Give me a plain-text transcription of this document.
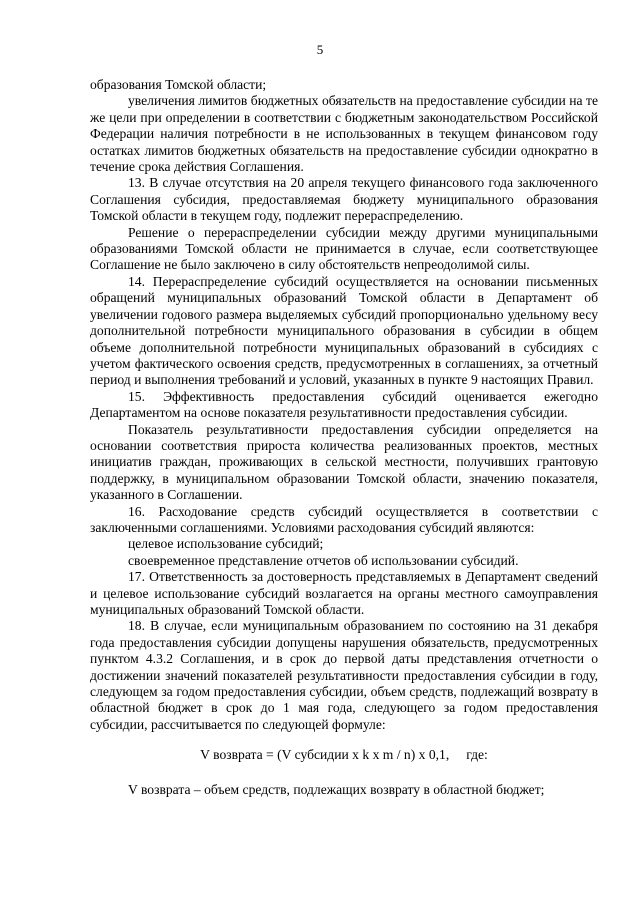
5

образования Томской области;

увеличения лимитов бюджетных обязательств на предоставление субсидии на те же цели при определении в соответствии с бюджетным законодательством Российской Федерации наличия потребности в не использованных в текущем финансовом году остатках лимитов бюджетных обязательств на предоставление субсидии однократно в течение срока действия Соглашения.

13. В случае отсутствия на 20 апреля текущего финансового года заключенного Соглашения субсидия, предоставляемая бюджету муниципального образования Томской области в текущем году, подлежит перераспределению.

Решение о перераспределении субсидии между другими муниципальными образованиями Томской области не принимается в случае, если соответствующее Соглашение не было заключено в силу обстоятельств непреодолимой силы.

14. Перераспределение субсидий осуществляется на основании письменных обращений муниципальных образований Томской области в Департамент об увеличении годового размера выделяемых субсидий пропорционально удельному весу дополнительной потребности муниципального образования в субсидии в общем объеме дополнительной потребности муниципальных образований в субсидиях с учетом фактического освоения средств, предусмотренных в соглашениях, за отчетный период и выполнения требований и условий, указанных в пункте 9 настоящих Правил.

15. Эффективность предоставления субсидий оценивается ежегодно Департаментом на основе показателя результативности предоставления субсидии.

Показатель результативности предоставления субсидии определяется на основании соответствия прироста количества реализованных проектов, местных инициатив граждан, проживающих в сельской местности, получивших грантовую поддержку, в муниципальном образовании Томской области, значению показателя, указанного в Соглашении.

16. Расходование средств субсидий осуществляется в соответствии с заключенными соглашениями. Условиями расходования субсидий являются:

целевое использование субсидий;

своевременное представление отчетов об использовании субсидий.

17. Ответственность за достоверность представляемых в Департамент сведений и целевое использование субсидий возлагается на органы местного самоуправления муниципальных образований Томской области.

18. В случае, если муниципальным образованием по состоянию на 31 декабря года предоставления субсидии допущены нарушения обязательств, предусмотренных пунктом 4.3.2 Соглашения, и в срок до первой даты представления отчетности о достижении значений показателей результативности предоставления субсидии в году, следующем за годом предоставления субсидии, объем средств, подлежащий возврату в областной бюджет в срок до 1 мая года, следующего за годом предоставления субсидии, рассчитывается по следующей формуле:

V возврата = (V субсидии x k x m / n) x 0,1,     где:

V возврата – объем средств, подлежащих возврату в областной бюджет;
